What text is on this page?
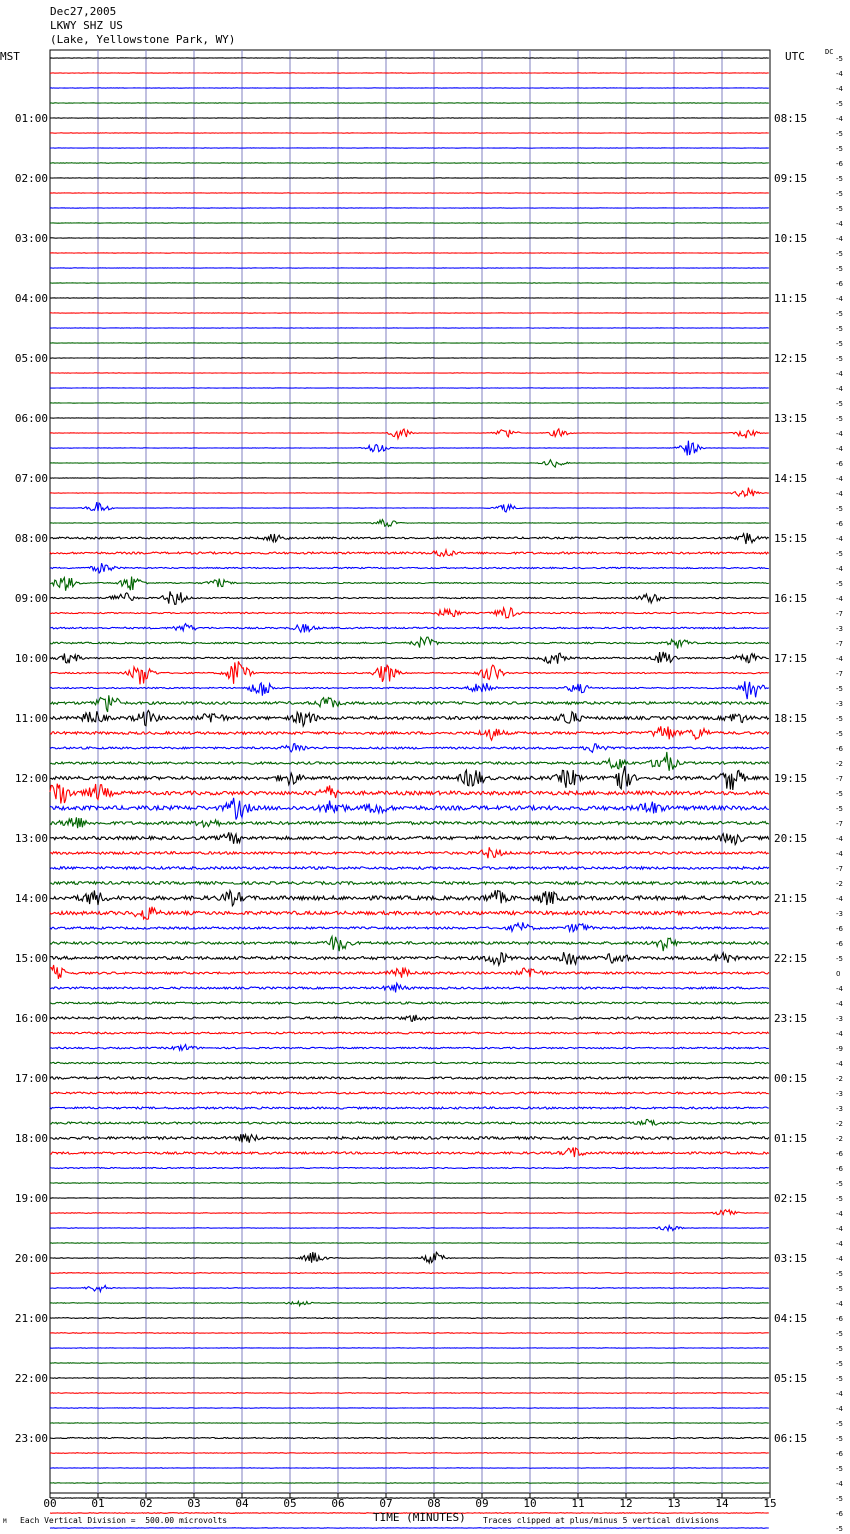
Dec27,2005
LKWY SHZ US
(Lake, Yellowstone Park, WY)
MST	UTC	DC
00	01	02	03	04	05	06	07	08	09	10	11	12	13	14	15
-5
-4
-4
-5
-4
-5
-5
-6
-5
-5
-5
-4
-4
-5
-5
-6
-4
-5
-5
-5
-5
-4
-4
-5
-5
-4
-4
-6
-4
-4
-5
-6
-4
-5
-4
-5
-4
-7
-3
-7
-4
-7
-5
-3
-5
-5
-6
-2
-7
-5
-5
-7
-4
-4
-7
-2
-4
-3
-6
-6
-5
0
-4
-4
-3
-4
-9
-4
-2
-3
-3
-2
-2
-6
-6
-5
-5
-4
-4
-4
-4
-5
-5
-4
-6
-5
-5
-5
-5
-4
-4
-5
-5
-6
-5
-4
-5
-6
-5
01:00	08:15
02:00	09:15
03:00	10:15
04:00	11:15
05:00	12:15
06:00	13:15
07:00	14:15
08:00	15:15
09:00	16:15
10:00	17:15
11:00	18:15
12:00	19:15
13:00	20:15
14:00	21:15
15:00	22:15
16:00	23:15
17:00	00:15
18:00	01:15
19:00	02:15
20:00	03:15
21:00	04:15
22:00	05:15
23:00	06:15
M Each Vertical Division =  500.00 microvolts	TIME (MINUTES) Traces clipped at plus/minus 5 vertical divisions
